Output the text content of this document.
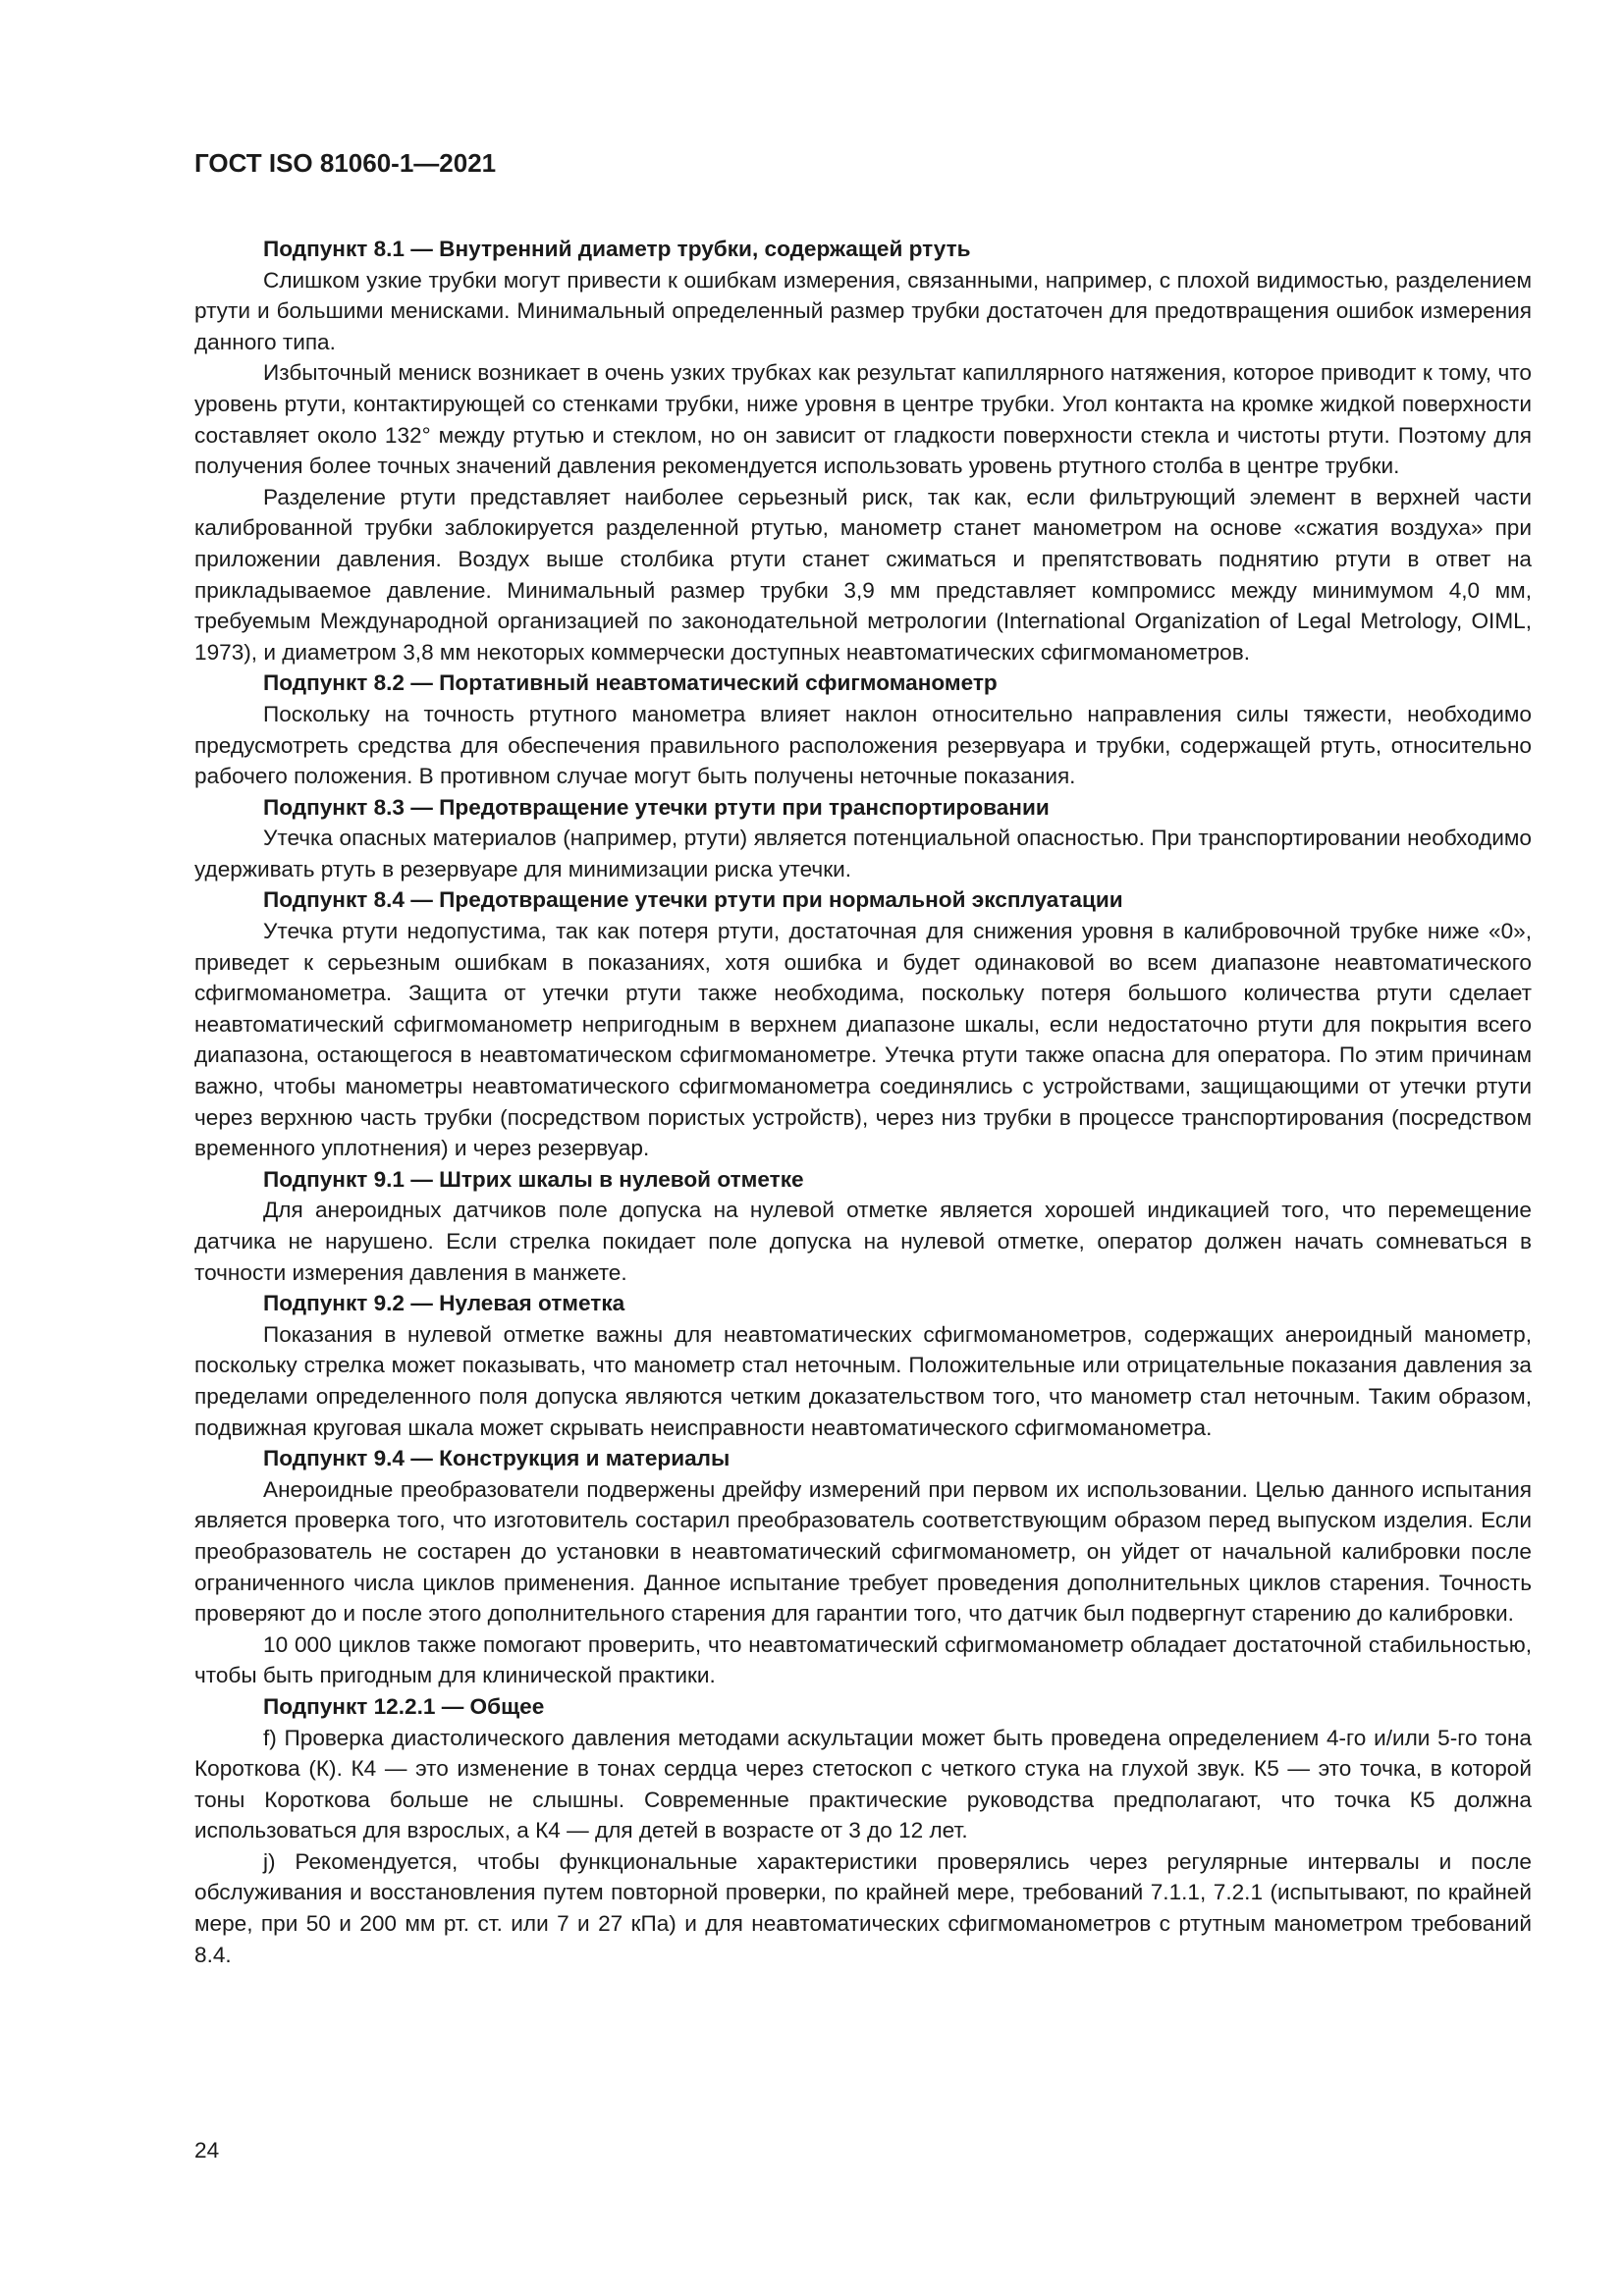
ГОСТ ISO 81060-1—2021

Подпункт 8.1 — Внутренний диаметр трубки, содержащей ртуть

Слишком узкие трубки могут привести к ошибкам измерения, связанными, например, с плохой видимостью, разделением ртути и большими менисками. Минимальный определенный размер трубки достаточен для предотвращения ошибок измерения данного типа.

Избыточный мениск возникает в очень узких трубках как результат капиллярного натяжения, которое приводит к тому, что уровень ртути, контактирующей со стенками трубки, ниже уровня в центре трубки. Угол контакта на кромке жидкой поверхности составляет около 132° между ртутью и стеклом, но он зависит от гладкости поверхности стекла и чистоты ртути. Поэтому для получения более точных значений давления рекомендуется использовать уровень ртутного столба в центре трубки.

Разделение ртути представляет наиболее серьезный риск, так как, если фильтрующий элемент в верхней части калиброванной трубки заблокируется разделенной ртутью, манометр станет манометром на основе «сжатия воздуха» при приложении давления. Воздух выше столбика ртути станет сжиматься и препятствовать поднятию ртути в ответ на прикладываемое давление. Минимальный размер трубки 3,9 мм представляет компромисс между минимумом 4,0 мм, требуемым Международной организацией по законодательной метрологии (International Organization of Legal Metrology, OIML, 1973), и диаметром 3,8 мм некоторых коммерчески доступных неавтоматических сфигмоманометров.

Подпункт 8.2 — Портативный неавтоматический сфигмоманометр

Поскольку на точность ртутного манометра влияет наклон относительно направления силы тяжести, необходимо предусмотреть средства для обеспечения правильного расположения резервуара и трубки, содержащей ртуть, относительно рабочего положения. В противном случае могут быть получены неточные показания.

Подпункт 8.3 — Предотвращение утечки ртути при транспортировании

Утечка опасных материалов (например, ртути) является потенциальной опасностью. При транспортировании необходимо удерживать ртуть в резервуаре для минимизации риска утечки.

Подпункт 8.4 — Предотвращение утечки ртути при нормальной эксплуатации

Утечка ртути недопустима, так как потеря ртути, достаточная для снижения уровня в калибровочной трубке ниже «0», приведет к серьезным ошибкам в показаниях, хотя ошибка и будет одинаковой во всем диапазоне неавтоматического сфигмоманометра. Защита от утечки ртути также необходима, поскольку потеря большого количества ртути сделает неавтоматический сфигмоманометр непригодным в верхнем диапазоне шкалы, если недостаточно ртути для покрытия всего диапазона, остающегося в неавтоматическом сфигмоманометре. Утечка ртути также опасна для оператора. По этим причинам важно, чтобы манометры неавтоматического сфигмоманометра соединялись с устройствами, защищающими от утечки ртути через верхнюю часть трубки (посредством пористых устройств), через низ трубки в процессе транспортирования (посредством временного уплотнения) и через резервуар.

Подпункт 9.1 — Штрих шкалы в нулевой отметке

Для анероидных датчиков поле допуска на нулевой отметке является хорошей индикацией того, что перемещение датчика не нарушено. Если стрелка покидает поле допуска на нулевой отметке, оператор должен начать сомневаться в точности измерения давления в манжете.

Подпункт 9.2 — Нулевая отметка

Показания в нулевой отметке важны для неавтоматических сфигмоманометров, содержащих анероидный манометр, поскольку стрелка может показывать, что манометр стал неточным. Положительные или отрицательные показания давления за пределами определенного поля допуска являются четким доказательством того, что манометр стал неточным. Таким образом, подвижная круговая шкала может скрывать неисправности неавтоматического сфигмоманометра.

Подпункт 9.4 — Конструкция и материалы

Анероидные преобразователи подвержены дрейфу измерений при первом их использовании. Целью данного испытания является проверка того, что изготовитель состарил преобразователь соответствующим образом перед выпуском изделия. Если преобразователь не состарен до установки в неавтоматический сфигмоманометр, он уйдет от начальной калибровки после ограниченного числа циклов применения. Данное испытание требует проведения дополнительных циклов старения. Точность проверяют до и после этого дополнительного старения для гарантии того, что датчик был подвергнут старению до калибровки.

10 000 циклов также помогают проверить, что неавтоматический сфигмоманометр обладает достаточной стабильностью, чтобы быть пригодным для клинической практики.

Подпункт 12.2.1 — Общее

f) Проверка диастолического давления методами аскультации может быть проведена определением 4-го и/или 5-го тона Короткова (К). К4 — это изменение в тонах сердца через стетоскоп с четкого стука на глухой звук. К5 — это точка, в которой тоны Короткова больше не слышны. Современные практические руководства предполагают, что точка К5 должна использоваться для взрослых, а К4 — для детей в возрасте от 3 до 12 лет.

j) Рекомендуется, чтобы функциональные характеристики проверялись через регулярные интервалы и после обслуживания и восстановления путем повторной проверки, по крайней мере, требований 7.1.1, 7.2.1 (испытывают, по крайней мере, при 50 и 200 мм рт. ст. или 7 и 27 кПа) и для неавтоматических сфигмоманометров с ртутным манометром требований 8.4.

24
